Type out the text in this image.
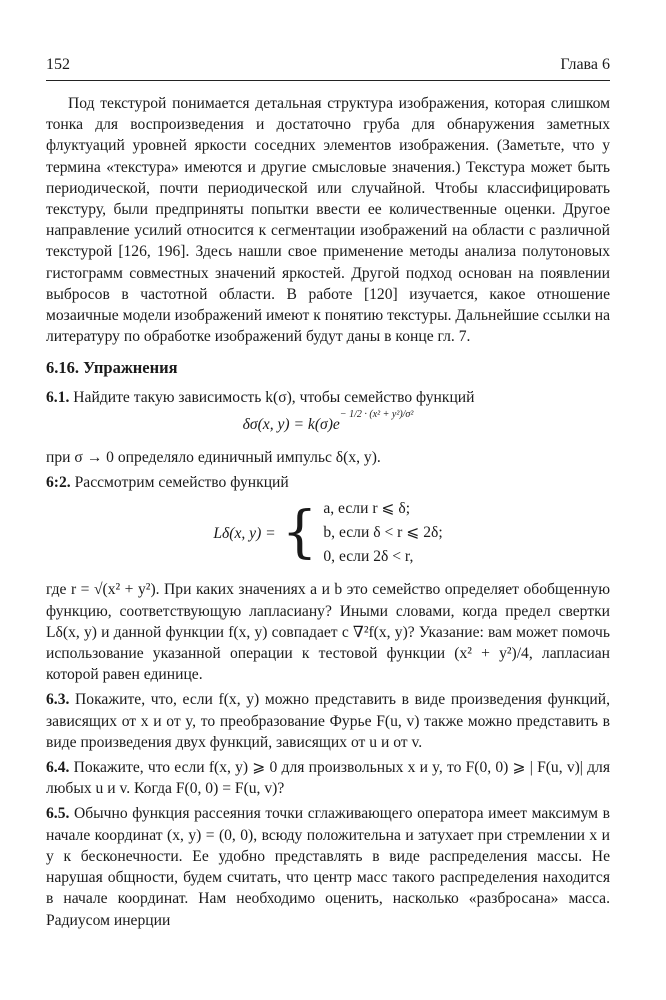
152	Глава 6

Под текстурой понимается детальная структура изображения, которая слишком тонка для воспроизведения и достаточно груба для обнаружения заметных флуктуаций уровней яркости соседних элементов изображения. (Заметьте, что у термина «текстура» имеются и другие смысловые значения.) Текстура может быть периодической, почти периодической или случайной. Чтобы классифицировать текстуру, были предприняты попытки ввести ее количественные оценки. Другое направление усилий относится к сегментации изображений на области с различной текстурой [126, 196]. Здесь нашли свое применение методы анализа полутоновых гистограмм совместных значений яркостей. Другой подход основан на появлении выбросов в частотной области. В работе [120] изучается, какое отношение мозаичные модели изображений имеют к понятию текстуры. Дальнейшие ссылки на литературу по обработке изображений будут даны в конце гл. 7.

6.16. Упражнения

6.1. Найдите такую зависимость k(σ), чтобы семейство функций

δσ(x, $y) = k(\sigma)e^{- 1/2 \cdot (x^2 + y^2)/\sigma^2}$

при σ → 0 определяло единичный импульс δ(x, y).

6:2. Рассмотрим семейство функций

Lδ(x, y) = { a, если r ⩽ δ;
b, если δ < r ⩽ 2δ;
0, если 2δ < r,

где r = √(x² + y²). При каких значениях a и b это семейство определяет обобщенную функцию, соответствующую лапласиану? Иными словами, когда предел свертки Lδ(x, y) и данной функции f(x, y) совпадает с ∇²f(x, y)? Указание: вам может помочь использование указанной операции к тестовой функции (x² + y²)/4, лапласиан которой равен единице.

6.3. Покажите, что, если f(x, y) можно представить в виде произведения функций, зависящих от x и от y, то преобразование Фурье F(u, v) также можно представить в виде произведения двух функций, зависящих от u и от v.

6.4. Покажите, что если f(x, y) ⩾ 0 для произвольных x и y, то F(0, 0) ⩾ | F(u, v)| для любых u и v. Когда F(0, 0) = F(u, v)?

6.5. Обычно функция рассеяния точки сглаживающего оператора имеет максимум в начале координат (x, y) = (0, 0), всюду положительна и затухает при стремлении x и y к бесконечности. Ее удобно представлять в виде распределения массы. Не нарушая общности, будем считать, что центр масс такого распределения находится в начале координат. Нам необходимо оценить, насколько «разбросана» масса. Радиусом инерции
